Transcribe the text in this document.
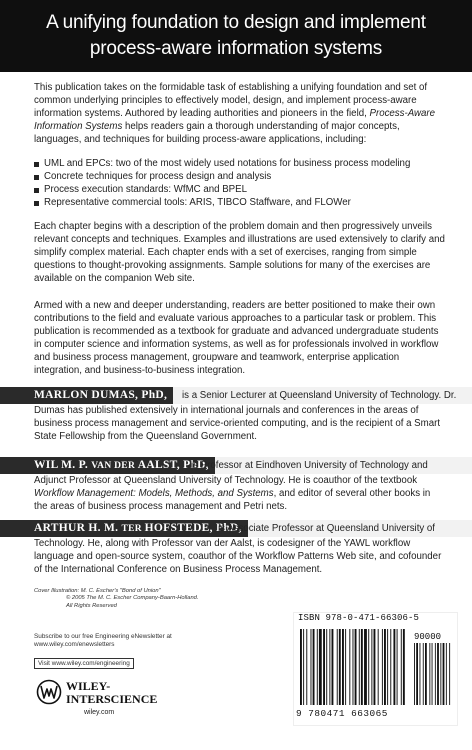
A unifying foundation to design and implement
process-aware information systems
This publication takes on the formidable task of establishing a unifying foundation and set of common underlying principles to effectively model, design, and implement process-aware information systems. Authored by leading authorities and pioneers in the field, Process-Aware Information Systems helps readers gain a thorough understanding of major concepts, languages, and techniques for building process-aware applications, including:
UML and EPCs: two of the most widely used notations for business process modeling
Concrete techniques for process design and analysis
Process execution standards: WfMC and BPEL
Representative commercial tools: ARIS, TIBCO Staffware, and FLOWer
Each chapter begins with a description of the problem domain and then progressively unveils relevant concepts and techniques. Examples and illustrations are used extensively to clarify and simplify complex material. Each chapter ends with a set of exercises, ranging from simple questions to thought-provoking assignments. Sample solutions for many of the exercises are available on the companion Web site.
Armed with a new and deeper understanding, readers are better positioned to make their own contributions to the field and evaluate various approaches to a particular task or problem. This publication is recommended as a textbook for graduate and advanced undergraduate students in computer science and information systems, as well as for professionals involved in workflow and business process management, groupware and teamwork, enterprise application integration, and business-to-business integration.
MARLON DUMAS, PhD,	is a Senior Lecturer at Queensland University of Technology. Dr.
Dumas has published extensively in international journals and conferences in the areas of business process management and service-oriented computing, and is the recipient of a Smart State Fellowship from the Queensland Government.
WIL M. P. VAN DER AALST, PhD,
is Professor at Eindhoven University of Technology and
Adjunct Professor at Queensland University of Technology. He is coauthor of the textbook Workflow Management: Models, Methods, and Systems, and editor of several other books in the areas of business process management and Petri nets.
ARTHUR H. M. TER HOFSTEDE, PhD,
is Associate Professor at Queensland University of
Technology. He, along with Professor van der Aalst, is codesigner of the YAWL workflow language and open-source system, coauthor of the Workflow Patterns Web site, and cofounder of the International Conference on Business Process Management.
Cover Illustration: M. C. Escher's "Bond of Union"
© 2005 The M. C. Escher Company-Baarn-Holland.
All Rights Reserved
Subscribe to our free Engineering eNewsletter at
www.wiley.com/enewsletters
Visit www.wiley.com/engineering
WILEY-
INTERSCIENCE
wiley.com
ISBN 978-0-471-66306-5
90000
9 780471 663065
